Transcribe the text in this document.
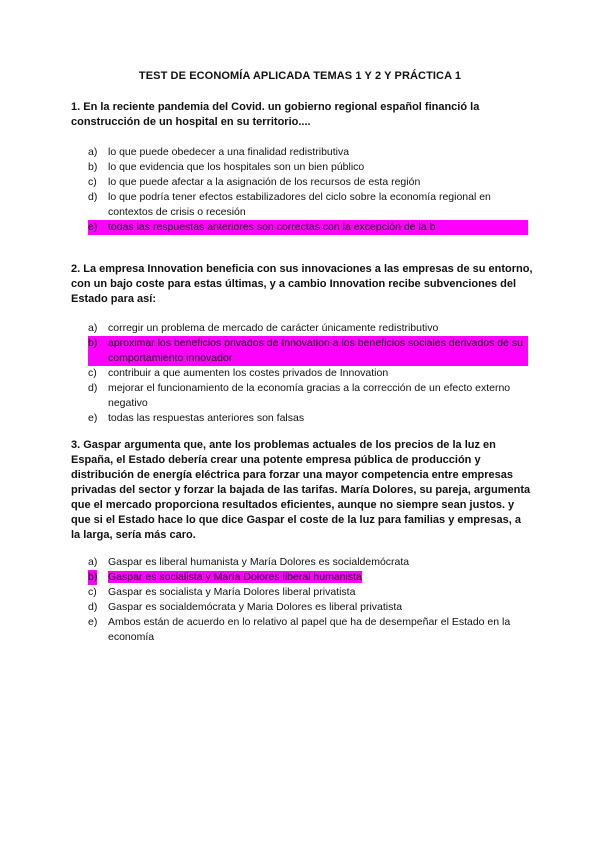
TEST DE ECONOMÍA APLICADA TEMAS 1 Y 2 Y PRÁCTICA 1
1. En la reciente pandemia del Covid. un gobierno regional español financió la construcción de un hospital en su territorio....
a) lo que puede obedecer a una finalidad redistributiva
b) lo que evidencia que los hospitales son un bien público
c) lo que puede afectar a la asignación de los recursos de esta región
d) lo que podría tener efectos estabilizadores del ciclo sobre la economía regional en contextos de crisis o recesión
e) todas las respuestas anteriores son correctas con la excepción de la b
2. La empresa Innovation beneficia con sus innovaciones a las empresas de su entorno, con un bajo coste para estas últimas, y a cambio Innovation recibe subvenciones del Estado para así:
a) corregir un problema de mercado de carácter únicamente redistributivo
b) aproximar los beneficios privados de Innovation a los beneficios sociales derivados de su comportamiento innovador
c) contribuir a que aumenten los costes privados de Innovation
d) mejorar el funcionamiento de la economía gracias a la corrección de un efecto externo negativo
e) todas las respuestas anteriores son falsas
3. Gaspar argumenta que, ante los problemas actuales de los precios de la luz en España, el Estado debería crear una potente empresa pública de producción y distribución de energía eléctrica para forzar una mayor competencia entre empresas privadas del sector y forzar la bajada de las tarifas. María Dolores, su pareja, argumenta que el mercado proporciona resultados eficientes, aunque no siempre sean justos. y que si el Estado hace lo que dice Gaspar el coste de la luz para familias y empresas, a la larga, sería más caro.
a) Gaspar es liberal humanista y María Dolores es socialdemócrata
b) Gaspar es socialista y María Dolores liberal humanista
c) Gaspar es socialista y María Dolores liberal privatista
d) Gaspar es socialdemócrata y Maria Dolores es liberal privatista
e) Ambos están de acuerdo en lo relativo al papel que ha de desempeñar el Estado en la economía
